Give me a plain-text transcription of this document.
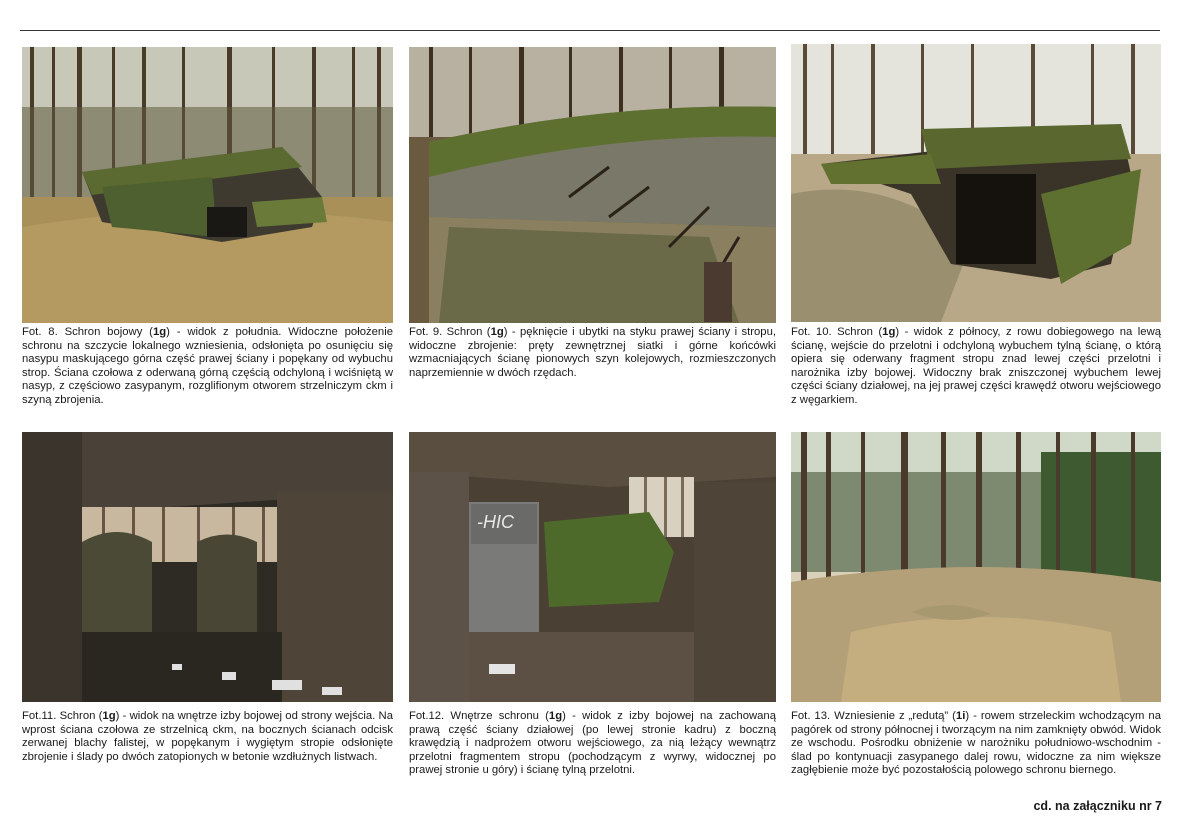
Fot. 8. Schron bojowy (1g) - widok z południa. Widoczne położenie schronu na szczycie lokalnego wzniesienia, odsłonięta po osunięciu się nasypu maskującego górna część prawej ściany i popękany od wybuchu strop. Ściana czołowa z oderwaną górną częścią odchyloną i wciśniętą w nasyp, z częściowo zasypanym, rozglifionym otworem strzelniczym ckm i szyną zbrojenia.

Fot. 9. Schron (1g) - pęknięcie i ubytki na styku prawej ściany i stropu, widoczne zbrojenie: pręty zewnętrznej siatki i górne końcówki wzmacniających ścianę pionowych szyn kolejowych, rozmieszczonych naprzemiennie w dwóch rzędach.

Fot. 10. Schron (1g) - widok z północy, z rowu dobiegowego na lewą ścianę, wejście do przelotni i odchyloną wybuchem tylną ścianę, o którą opiera się oderwany fragment stropu znad lewej części przelotni i narożnika izby bojowej. Widoczny brak zniszczonej wybuchem lewej części ściany działowej, na jej prawej części krawędź otworu wejściowego z węgarkiem.

Fot.11. Schron (1g) - widok na wnętrze izby bojowej od strony wejścia. Na wprost ściana czołowa ze strzelnicą ckm, na bocznych ścianach odcisk zerwanej blachy falistej, w popękanym i wygiętym stropie odsłonięte zbrojenie i ślady po dwóch zatopionych w betonie wzdłużnych listwach.

-HIC

Fot.12. Wnętrze schronu (1g) - widok z izby bojowej na zachowaną prawą część ściany działowej (po lewej stronie kadru) z boczną krawędzią i nadprożem otworu wejściowego, za nią leżący wewnątrz przelotni fragmentem stropu (pochodzącym z wyrwy, widocznej po prawej stronie u góry) i ścianę tylną przelotni.

Fot. 13. Wzniesienie z „redutą” (1i) - rowem strzeleckim wchodzącym na pagórek od strony północnej i tworzącym na nim zamknięty obwód. Widok ze wschodu. Pośrodku obniżenie w narożniku południowo-wschodnim - ślad po kontynuacji zasypanego dalej rowu, widoczne za nim większe zagłębienie może być pozostałością polowego schronu biernego.

cd. na załączniku nr 7
